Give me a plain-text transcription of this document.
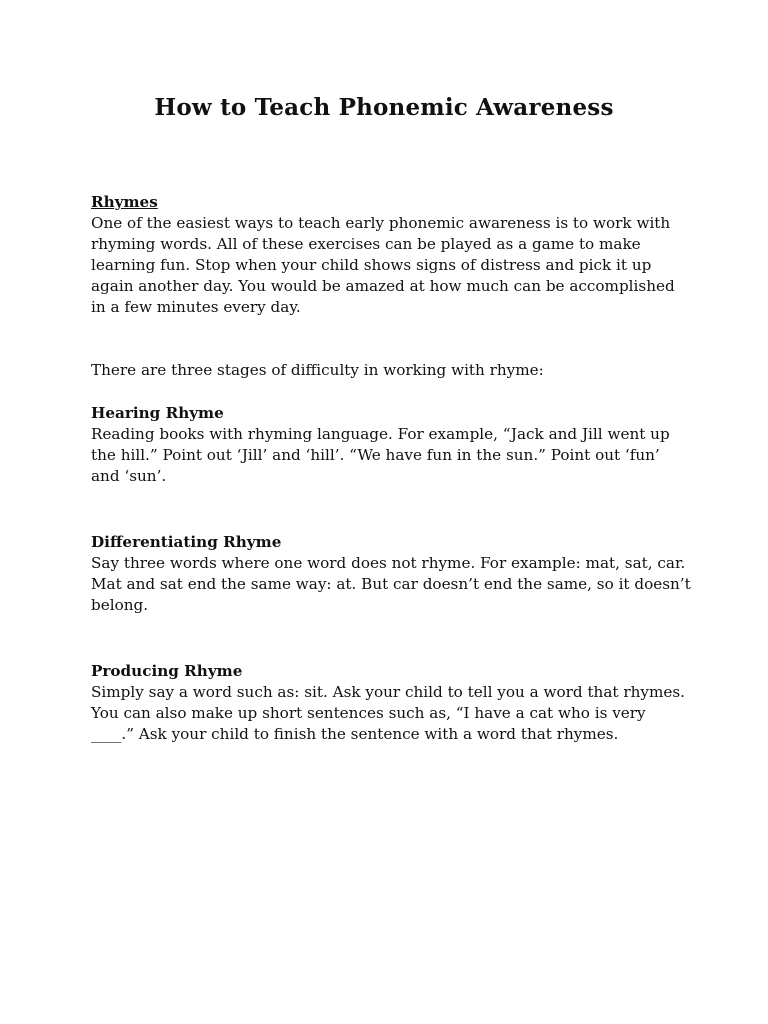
How to Teach Phonemic Awareness
Rhymes

One of the easiest ways to teach early phonemic awareness is to work with rhyming words. All of these exercises can be played as a game to make learning fun. Stop when your child shows signs of distress and pick it up again another day. You would be amazed at how much can be accomplished in a few minutes every day.

There are three stages of difficulty in working with rhyme:

Hearing Rhyme

Reading books with rhyming language. For example, “Jack and Jill went up the hill.” Point out ‘Jill’ and ‘hill’. “We have fun in the sun.” Point out ‘fun’ and ‘sun’.

Differentiating Rhyme

Say three words where one word does not rhyme. For example: mat, sat, car. Mat and sat end the same way: at. But car doesn’t end the same, so it doesn’t belong.

Producing Rhyme

Simply say a word such as: sit. Ask your child to tell you a word that rhymes. You can also make up short sentences such as, “I have a cat who is very ____.” Ask your child to finish the sentence with a word that rhymes.
